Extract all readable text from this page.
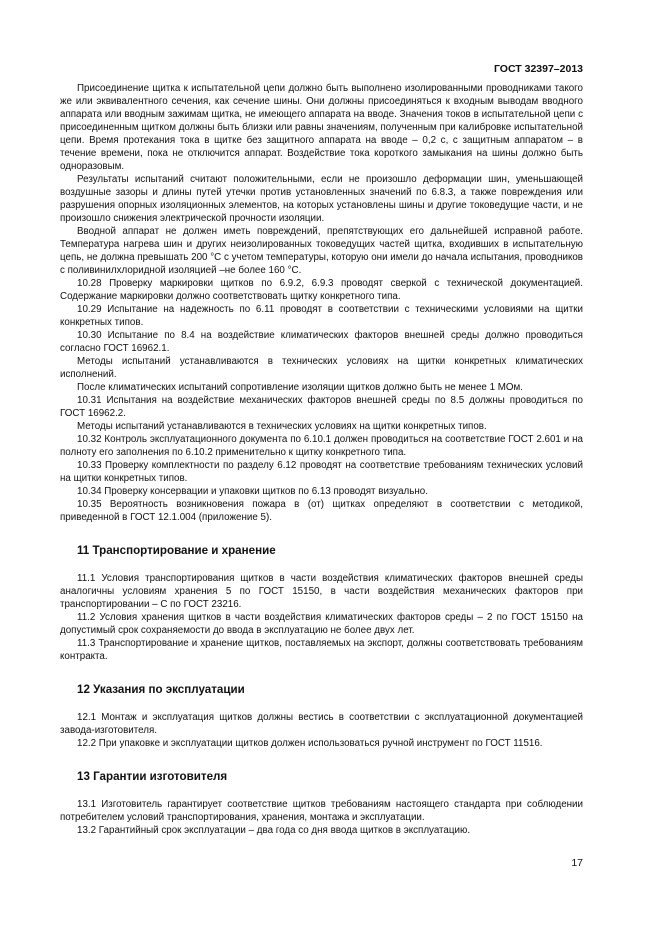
ГОСТ 32397–2013

Присоединение щитка к испытательной цепи должно быть выполнено изолированными проводниками такого же или эквивалентного сечения, как сечение шины. Они должны присоединяться к входным выводам вводного аппарата или вводным зажимам щитка, не имеющего аппарата на вводе. Значения токов в испытательной цепи с присоединенным щитком должны быть близки или равны значениям, полученным при калибровке испытательной цепи. Время протекания тока в щитке без защитного аппарата на вводе – 0,2 с, с защитным аппаратом – в течение времени, пока не отключится аппарат. Воздействие тока короткого замыкания на шины должно быть одноразовым.

Результаты испытаний считают положительными, если не произошло деформации шин, уменьшающей воздушные зазоры и длины путей утечки против установленных значений по 6.8.3, а также повреждения или разрушения опорных изоляционных элементов, на которых установлены шины и другие токоведущие части, и не произошло снижения электрической прочности изоляции.

Вводной аппарат не должен иметь повреждений, препятствующих его дальнейшей исправной работе. Температура нагрева шин и других неизолированных токоведущих частей щитка, входивших в испытательную цепь, не должна превышать 200 °С с учетом температуры, которую они имели до начала испытания, проводников с поливинилхлоридной изоляцией –не более 160 °С.

10.28 Проверку маркировки щитков по 6.9.2, 6.9.3 проводят сверкой с технической документацией. Содержание маркировки должно соответствовать щитку конкретного типа.

10.29 Испытание на надежность по 6.11 проводят в соответствии с техническими условиями на щитки конкретных типов.

10.30 Испытание по 8.4 на воздействие климатических факторов внешней среды должно проводиться согласно ГОСТ 16962.1.

Методы испытаний устанавливаются в технических условиях на щитки конкретных климатических исполнений.

После климатических испытаний сопротивление изоляции щитков должно быть не менее 1 МОм.

10.31 Испытания на воздействие механических факторов внешней среды по 8.5 должны проводиться по ГОСТ 16962.2.

Методы испытаний устанавливаются в технических условиях на щитки конкретных типов.

10.32 Контроль эксплуатационного документа по 6.10.1 должен проводиться на соответствие ГОСТ 2.601 и на полноту его заполнения по 6.10.2 применительно к щитку конкретного типа.

10.33 Проверку комплектности по разделу 6.12 проводят на соответствие требованиям технических условий на щитки конкретных типов.

10.34 Проверку консервации и упаковки щитков по 6.13 проводят визуально.

10.35 Вероятность возникновения пожара в (от) щитках определяют в соответствии с методикой, приведенной в ГОСТ 12.1.004 (приложение 5).

11 Транспортирование и хранение

11.1 Условия транспортирования щитков в части воздействия климатических факторов внешней среды аналогичны условиям хранения 5 по ГОСТ 15150, в части воздействия механических факторов при транспортировании – С по ГОСТ 23216.

11.2 Условия хранения щитков в части воздействия климатических факторов среды – 2 по ГОСТ 15150 на допустимый срок сохраняемости до ввода в эксплуатацию не более двух лет.

11.3 Транспортирование и хранение щитков, поставляемых на экспорт, должны соответствовать требованиям контракта.

12 Указания по эксплуатации

12.1 Монтаж и эксплуатация щитков должны вестись в соответствии с эксплуатационной документацией завода-изготовителя.

12.2 При упаковке и эксплуатации щитков должен использоваться ручной инструмент по ГОСТ 11516.

13 Гарантии изготовителя

13.1 Изготовитель гарантирует соответствие щитков требованиям настоящего стандарта при соблюдении потребителем условий транспортирования, хранения, монтажа и эксплуатации.

13.2 Гарантийный срок эксплуатации – два года со дня ввода щитков в эксплуатацию.

17
